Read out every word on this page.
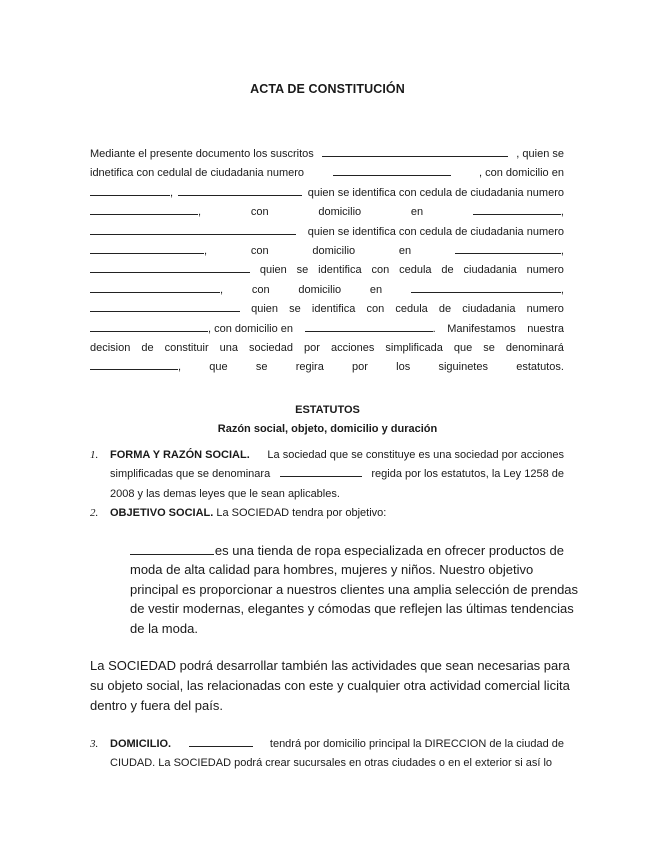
ACTA DE CONSTITUCIÓN
Mediante el presente documento los suscritos	, quien se
idnetifica con cedulal de ciudadania numero	, con domicilio en
,	quien se identifica con cedula de ciudadania numero
,	con	domicilio	en	,
quien se identifica con cedula de ciudadania numero
,	con	domicilio	en	,
quien se identifica con cedula de ciudadania numero
,	con	domicilio	en	,
quien se identifica con cedula de ciudadania numero
, con domicilio en	. Manifestamos nuestra
decision de constituir una sociedad por acciones simplificada que se denominará
,	que	se	regira	por	los	siguinetes	estatutos.
ESTATUTOS
Razón social, objeto, domicilio y duración
1. FORMA Y RAZÓN SOCIAL. La sociedad que se constituye es una sociedad por acciones
simplificadas que se denominara	regida por los estatutos, la Ley 1258 de
2008 y las demas leyes que le sean aplicables.
2. OBJETIVO SOCIAL. La SOCIEDAD tendra por objetivo:
es una tienda de ropa especializada en ofrecer productos de
moda de alta calidad para hombres, mujeres y niños. Nuestro objetivo
principal es proporcionar a nuestros clientes una amplia selección de prendas
de vestir modernas, elegantes y cómodas que reflejen las últimas tendencias
de la moda.
La SOCIEDAD podrá desarrollar también las actividades que sean necesarias para
su objeto social, las relacionadas con este y cualquier otra actividad comercial licita
dentro y fuera del país.
3. DOMICILIO.	tendrá por domicilio principal la DIRECCION de la ciudad de
CIUDAD. La SOCIEDAD podrá crear sucursales en otras ciudades o en el exterior si así lo
